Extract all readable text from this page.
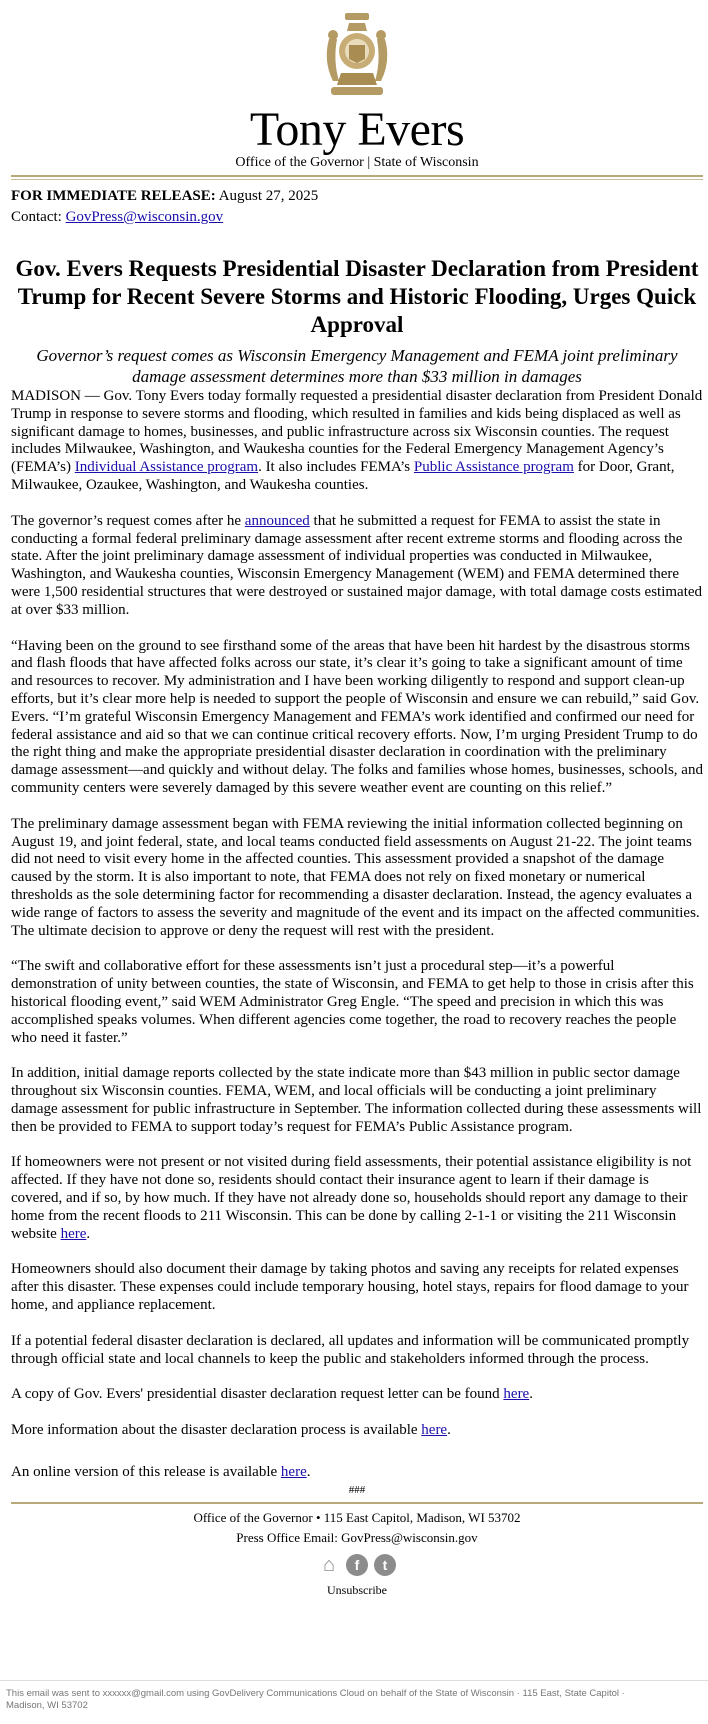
Tony Evers
Office of the Governor | State of Wisconsin
FOR IMMEDIATE RELEASE: August 27, 2025
Contact: GovPress@wisconsin.gov
Gov. Evers Requests Presidential Disaster Declaration from President Trump for Recent Severe Storms and Historic Flooding, Urges Quick Approval
Governor’s request comes as Wisconsin Emergency Management and FEMA joint preliminary damage assessment determines more than $33 million in damages

MADISON — Gov. Tony Evers today formally requested a presidential disaster declaration from President Donald Trump in response to severe storms and flooding, which resulted in families and kids being displaced as well as significant damage to homes, businesses, and public infrastructure across six Wisconsin counties. The request includes Milwaukee, Washington, and Waukesha counties for the Federal Emergency Management Agency’s (FEMA’s) Individual Assistance program. It also includes FEMA’s Public Assistance program for Door, Grant, Milwaukee, Ozaukee, Washington, and Waukesha counties.

The governor’s request comes after he announced that he submitted a request for FEMA to assist the state in conducting a formal federal preliminary damage assessment after recent extreme storms and flooding across the state. After the joint preliminary damage assessment of individual properties was conducted in Milwaukee, Washington, and Waukesha counties, Wisconsin Emergency Management (WEM) and FEMA determined there were 1,500 residential structures that were destroyed or sustained major damage, with total damage costs estimated at over $33 million.

“Having been on the ground to see firsthand some of the areas that have been hit hardest by the disastrous storms and flash floods that have affected folks across our state, it’s clear it’s going to take a significant amount of time and resources to recover. My administration and I have been working diligently to respond and support clean-up efforts, but it’s clear more help is needed to support the people of Wisconsin and ensure we can rebuild,” said Gov. Evers. “I’m grateful Wisconsin Emergency Management and FEMA’s work identified and confirmed our need for federal assistance and aid so that we can continue critical recovery efforts. Now, I’m urging President Trump to do the right thing and make the appropriate presidential disaster declaration in coordination with the preliminary damage assessment—and quickly and without delay. The folks and families whose homes, businesses, schools, and community centers were severely damaged by this severe weather event are counting on this relief.”

The preliminary damage assessment began with FEMA reviewing the initial information collected beginning on August 19, and joint federal, state, and local teams conducted field assessments on August 21-22. The joint teams did not need to visit every home in the affected counties. This assessment provided a snapshot of the damage caused by the storm. It is also important to note, that FEMA does not rely on fixed monetary or numerical thresholds as the sole determining factor for recommending a disaster declaration. Instead, the agency evaluates a wide range of factors to assess the severity and magnitude of the event and its impact on the affected communities. The ultimate decision to approve or deny the request will rest with the president.

“The swift and collaborative effort for these assessments isn’t just a procedural step—it’s a powerful demonstration of unity between counties, the state of Wisconsin, and FEMA to get help to those in crisis after this historical flooding event,” said WEM Administrator Greg Engle. “The speed and precision in which this was accomplished speaks volumes. When different agencies come together, the road to recovery reaches the people who need it faster.”

In addition, initial damage reports collected by the state indicate more than $43 million in public sector damage throughout six Wisconsin counties. FEMA, WEM, and local officials will be conducting a joint preliminary damage assessment for public infrastructure in September. The information collected during these assessments will then be provided to FEMA to support today’s request for FEMA’s Public Assistance program.

If homeowners were not present or not visited during field assessments, their potential assistance eligibility is not affected. If they have not done so, residents should contact their insurance agent to learn if their damage is covered, and if so, by how much. If they have not already done so, households should report any damage to their home from the recent floods to 211 Wisconsin. This can be done by calling 2-1-1 or visiting the 211 Wisconsin website here.

Homeowners should also document their damage by taking photos and saving any receipts for related expenses after this disaster. These expenses could include temporary housing, hotel stays, repairs for flood damage to your home, and appliance replacement.

If a potential federal disaster declaration is declared, all updates and information will be communicated promptly through official state and local channels to keep the public and stakeholders informed through the process.

A copy of Gov. Evers' presidential disaster declaration request letter can be found here.

More information about the disaster declaration process is available here.

An online version of this release is available here.

###
Office of the Governor • 115 East Capitol, Madison, WI 53702
Press Office Email: GovPress@wisconsin.gov
⌂	f	t
Unsubscribe
This email was sent to xxxxxx@gmail.com using GovDelivery Communications Cloud on behalf of the State of Wisconsin · 115 East, State Capitol · Madison, WI 53702
